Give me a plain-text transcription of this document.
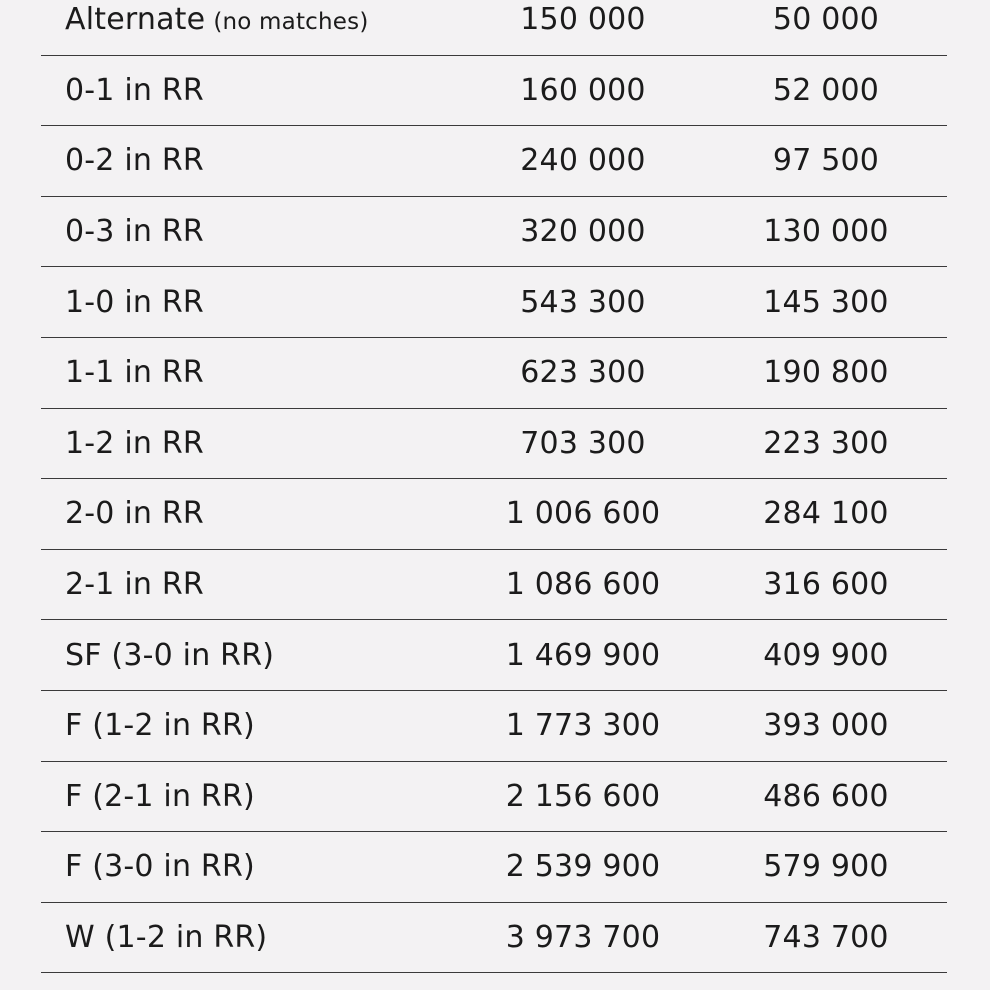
Alternate (no matches)	150 000	50 000
0-1 in RR	160 000	52 000
0-2 in RR	240 000	97 500
0-3 in RR	320 000	130 000
1-0 in RR	543 300	145 300
1-1 in RR	623 300	190 800
1-2 in RR	703 300	223 300
2-0 in RR	1 006 600	284 100
2-1 in RR	1 086 600	316 600
SF (3-0 in RR)	1 469 900	409 900
F (1-2 in RR)	1 773 300	393 000
F (2-1 in RR)	2 156 600	486 600
F (3-0 in RR)	2 539 900	579 900
W (1-2 in RR)	3 973 700	743 700
